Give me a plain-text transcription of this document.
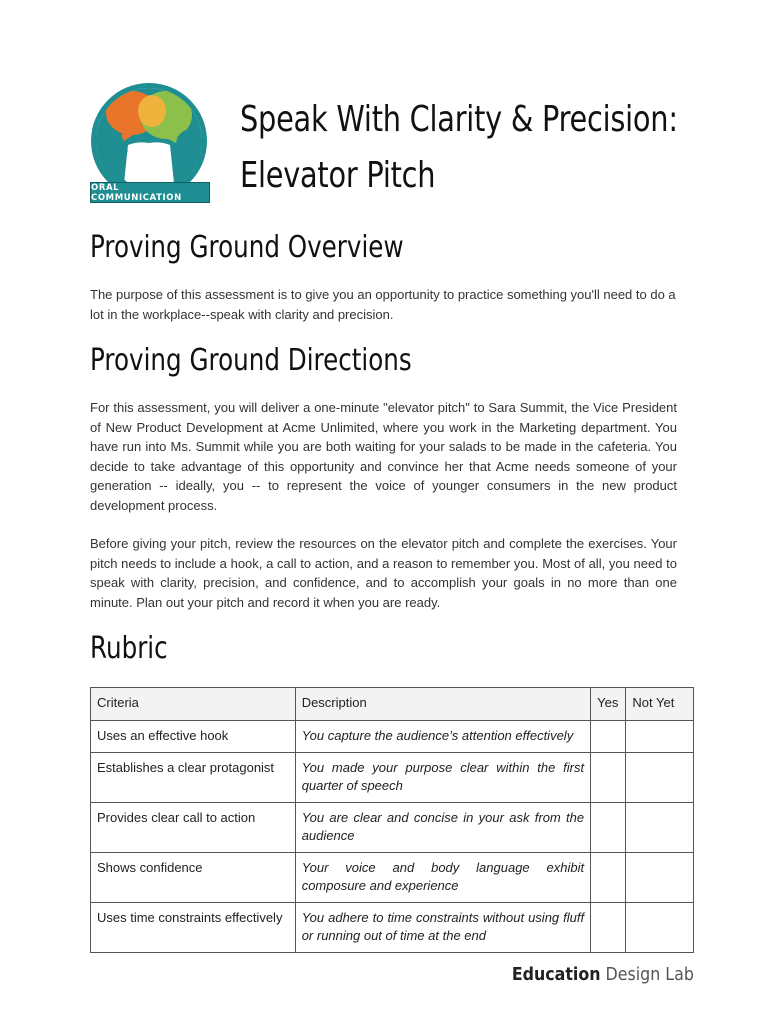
ORAL COMMUNICATION
Speak With Clarity & Precision:
Elevator Pitch
Proving Ground Overview
The purpose of this assessment is to give you an opportunity to practice something you'll need to do a lot in the workplace--speak with clarity and precision.
Proving Ground Directions
For this assessment, you will deliver a one-minute "elevator pitch" to Sara Summit, the Vice President of New Product Development at Acme Unlimited, where you work in the Marketing department. You have run into Ms. Summit while you are both waiting for your salads to be made in the cafeteria. You decide to take advantage of this opportunity and convince her that Acme needs someone of your generation -- ideally, you -- to represent the voice of younger consumers in the new product development process.
Before giving your pitch, review the resources on the elevator pitch and complete the exercises. Your pitch needs to include a hook, a call to action, and a reason to remember you. Most of all, you need to speak with clarity, precision, and confidence, and to accomplish your goals in no more than one minute. Plan out your pitch and record it when you are ready.
Rubric
Criteria	Description	Yes	Not Yet
Uses an effective hook	You capture the audience’s attention effectively		
Establishes a clear protagonist	You made your purpose clear within the first quarter of speech		
Provides clear call to action	You are clear and concise in your ask from the audience		
Shows confidence	Your voice and body language exhibit composure and experience		
Uses time constraints effectively	You adhere to time constraints without using fluff or running out of time at the end		
Education Design Lab
